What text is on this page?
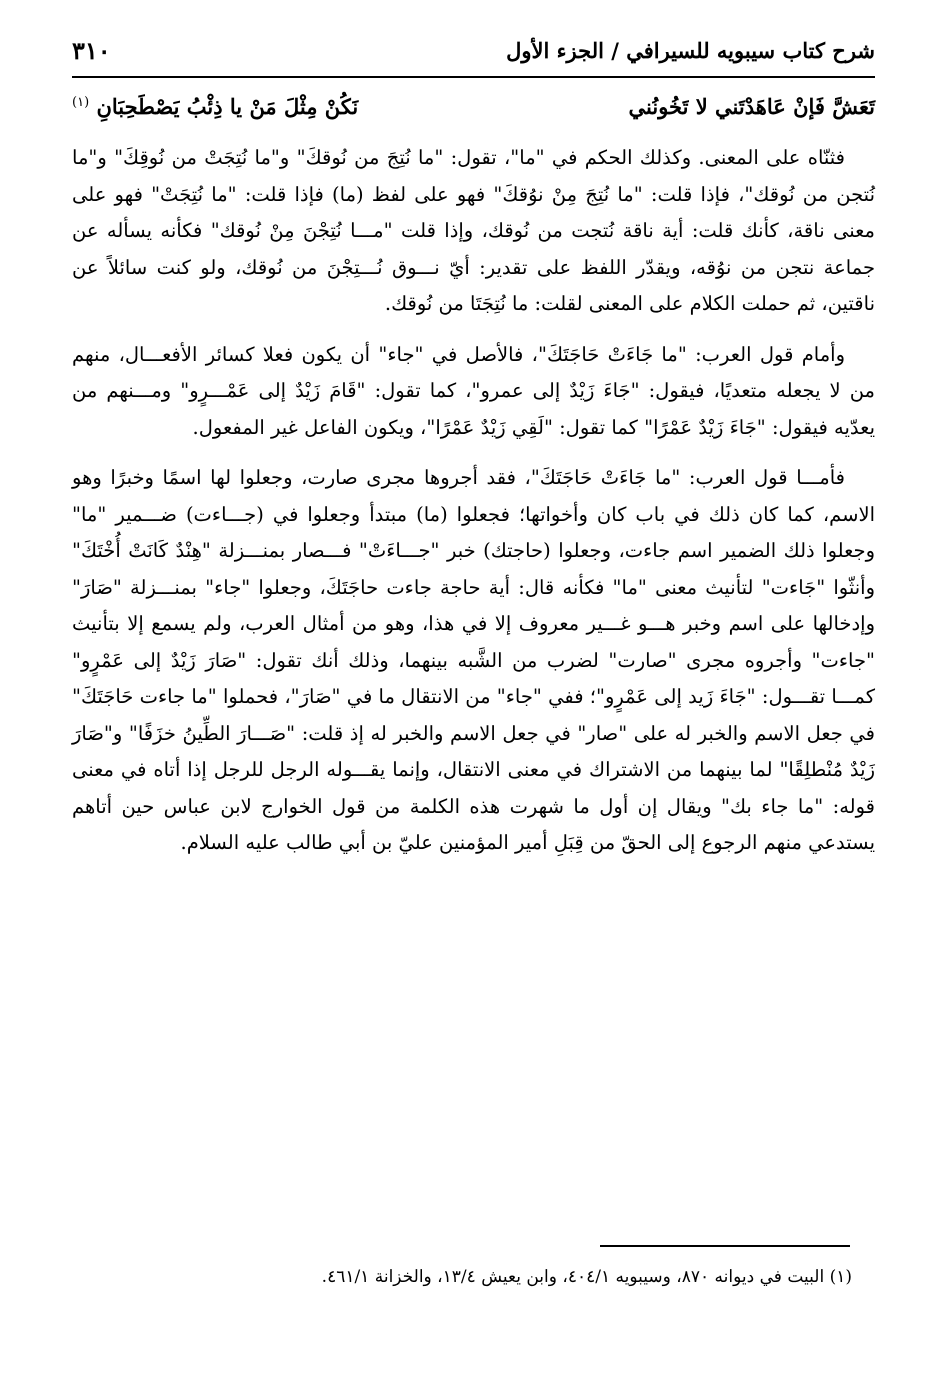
شرح كتاب سيبويه للسيرافي / الجزء الأول
٣١٠
تَعَشَّ فَإنْ عَاهَدْتَني لا تَخُونُني
نَكُنْ مِثْلَ مَنْ يا ذِئْبُ يَصْطَحِبَانِ $^{(١)}$

فثنّاه على المعنى. وكذلك الحكم في "ما"، تقول: "ما نُتِجَ من نُوقكَ" و"ما نُتِجَتْ من نُوقِكَ" و"ما نُتجن من نُوقك"، فإذا قلت: "ما نُتِجَ مِنْ نوُقكَ" فهو على لفظ (ما) فإذا قلت: "ما نُتِجَتْ" فهو على معنى ناقة، كأنك قلت: أية ناقة نُتجت من نُوقك، وإذا قلت "مـــا نُتِجْنَ مِنْ نُوقك" فكأنه يسأله عن جماعة نتجن من نوُقه، ويقدّر اللفظ على تقدير: أيّ نـــوق نُـــتِجْنَ من نُوقك، ولو كنت سائلاً عن ناقتين، ثم حملت الكلام على المعنى لقلت: ما نُتِجَتَا من نُوقك.

وأمام قول العرب: "ما جَاءَتْ حَاجَتَكَ"، فالأصل في "جاء" أن يكون فعلا كسائر الأفعـــال، منهم من لا يجعله متعديًا، فيقول: "جَاءَ زَيْدٌ إلى عمرو"، كما تقول: "قَامَ زَيْدٌ إلى عَمْـــرٍو" ومـــنهم من يعدّيه فيقول: "جَاءَ زَيْدٌ عَمْرًا" كما تقول: "لَقِي زَيْدٌ عَمْرًا"، ويكون الفاعل غير المفعول.

فأمـــا قول العرب: "ما جَاءَتْ حَاجَتَكَ"، فقد أجروها مجرى صارت، وجعلوا لها اسمًا وخبرًا وهو الاسم، كما كان ذلك في باب كان وأخواتها؛ فجعلوا (ما) مبتدأ وجعلوا في (جـــاءت) ضـــمير "ما" وجعلوا ذلك الضمير اسم جاءت، وجعلوا (حاجتك) خبر "جـــاءَتْ" فـــصار بمنـــزلة "هِنْدٌ كَانَتْ أُخْتَكَ" وأنثّوا "جَاءت" لتأنيث معنى "ما" فكأنه قال: أية حاجة جاءت حاجَتَكَ، وجعلوا "جاء" بمنـــزلة "صَارَ" وإدخالها على اسم وخبر هـــو غـــير معروف إلا في هذا، وهو من أمثال العرب، ولم يسمع إلا بتأنيث "جاءت" وأجروه مجرى "صارت" لضرب من الشَّبه بينهما، وذلك أنك تقول: "صَارَ زَيْدٌ إلى عَمْرٍو" كمـــا تقـــول: "جَاءَ زَيد إلى عَمْرٍو"؛ ففي "جاء" من الانتقال ما في "صَارَ"، فحملوا "ما جاءت حَاجَتَكَ" في جعل الاسم والخبر له على "صار" في جعل الاسم والخبر له إذ قلت: "صَـــارَ الطِّينُ خزَفًا" و"صَارَ زَيْدٌ مُنْطلِقًا" لما بينهما من الاشتراك في معنى الانتقال، وإنما يقـــوله الرجل للرجل إذا أتاه في معنى قوله: "ما جاء بك" ويقال إن أول ما شهرت هذه الكلمة من قول الخوارج لابن عباس حين أتاهم يستدعي منهم الرجوع إلى الحقّ من قِبَلِ أمير المؤمنين عليّ بن أبي طالب عليه السلام.

(١) البيت في ديوانه ٨٧٠، وسيبويه ٤٠٤/١، وابن يعيش ١٣/٤، والخزانة ٤٦١/١.
